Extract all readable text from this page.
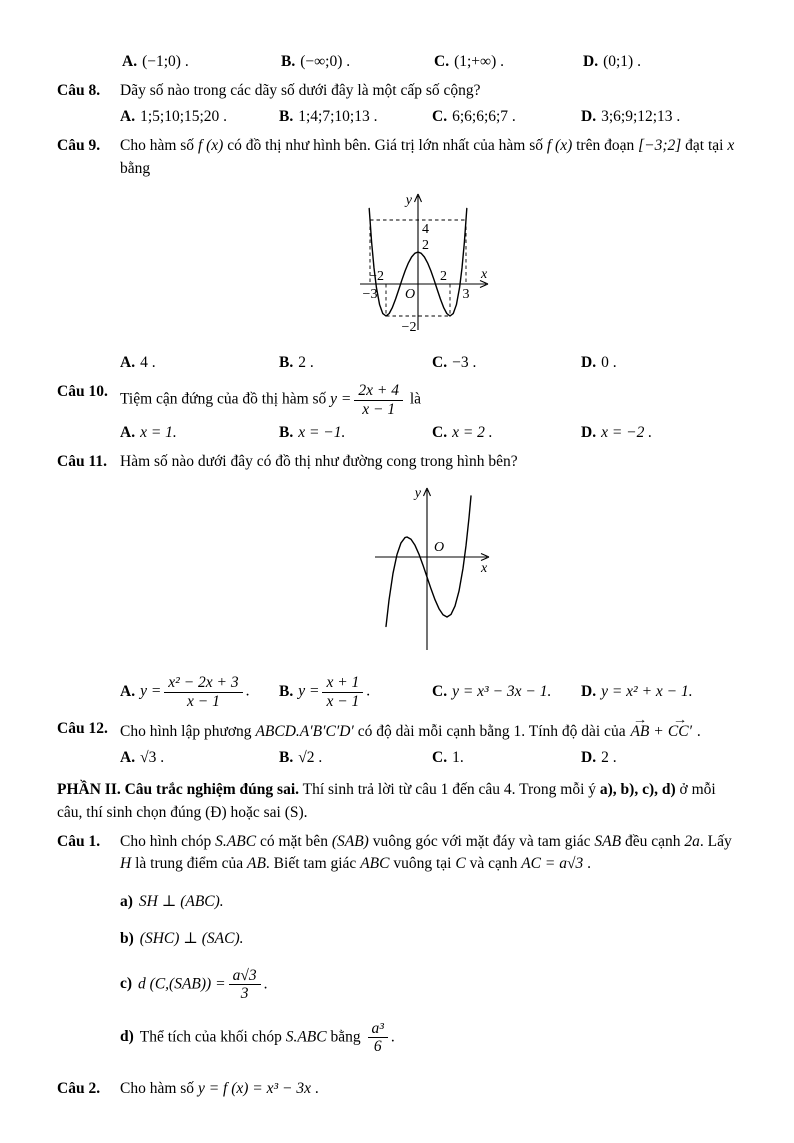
A. (−1;0) .	B. (−∞;0) .	C. (1;+∞) .	D. (0;1) .
Câu 8.	Dãy số nào trong các dãy số dưới đây là một cấp số cộng?
A. 1;5;10;15;20 .	B. 1;4;7;10;13 .	C. 6;6;6;6;7 .	D. 3;6;9;12;13 .
Câu 9.	Cho hàm số f (x) có đồ thị như hình bên. Giá trị lớn nhất của hàm số f (x) trên đoạn [−3;2] đạt tại x bằng
y
4
2
x
−2	2
−3 O	3
−2
A. 4 .	B. 2 .	C. −3 .	D. 0 .
Câu 10. Tiệm cận đứng của đồ thị hàm số $y = \frac{2x + 4}{x - 1}$ là
A. x = 1.	B. x = −1.	C. x = 2 .	D. x = −2 .
Câu 11. Hàm số nào dưới đây có đồ thị như đường cong trong hình bên?
y
O
x
A. $y = \frac{\text{x² − 2x + 3}}{x - 1}$ .	B. $y = \frac{x + 1}{x - 1}$ .	C. y = x³ − 3x − 1.	D. y = x² + x − 1.
Câu 12. Cho hình lập phương ABCD.A′B′C′D′ có độ dài mỗi cạnh bằng 1. Tính độ dài của → AB + → CC′ .
A. √3 .	B. √2 .	C. 1.	D. 2 .
PHẦN II. Câu trắc nghiệm đúng sai. Thí sinh trả lời từ câu 1 đến câu 4. Trong mỗi ý a), b), c), d) ở mỗi câu, thí sinh chọn đúng (Đ) hoặc sai (S).
Câu 1.	Cho hình chóp S.ABC có mặt bên (SAB) vuông góc với mặt đáy và tam giác SAB đều cạnh 2a. Lấy H là trung điểm của AB. Biết tam giác ABC vuông tại C và cạnh AC = a√3 .
a) SH ⊥ (ABC).
b) (SHC) ⊥ (SAC).
c) d $(C,(SAB)) = \frac{a√3}{3}$ .
d) Thể tích của khối chóp S.ABC bằng $\frac{\text{a³}}{6}$ .
Câu 2.	Cho hàm số y = f (x) = x³ − 3x .
